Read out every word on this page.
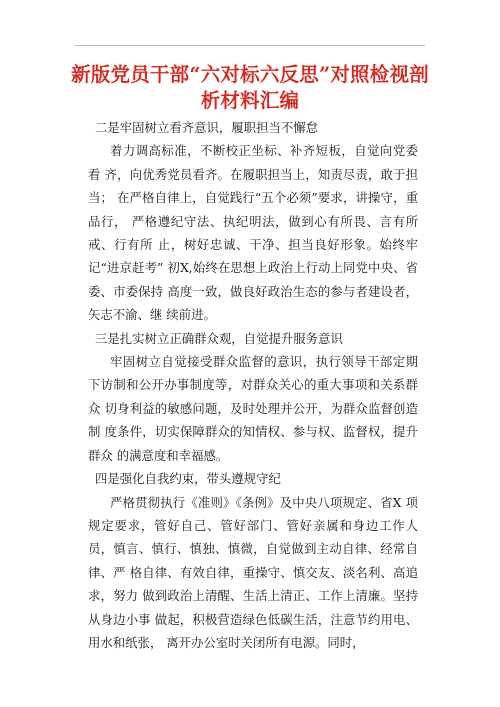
新版党员干部“六对标六反思”对照检视剖
析材料汇编

二是牢固树立看齐意识，履职担当不懈怠

着力调高标准，不断校正坐标、补齐短板，自觉向党委看 齐，向优秀党员看齐。在履职担当上，知责尽责，敢于担当； 在严格自律上，自觉践行“五个必须”要求，讲操守，重品行， 严格遵纪守法、执纪明法，做到心有所畏、言有所戒、行有所 止，树好忠诚、干净、担当良好形象。始终牢记“进京赶考” 初X,始终在思想上政治上行动上同党中央、省委、市委保持 高度一致，做良好政治生态的参与者建设者，矢志不渝、继 续前进。

三是扎实树立正确群众观，自觉提升服务意识

牢固树立自觉接受群众监督的意识，执行领导干部定期 下访制和公开办事制度等，对群众关心的重大事项和关系群众 切身利益的敏感问题，及时处理并公开，为群众监督创造制 度条件，切实保障群众的知情权、参与权、监督权，提升群众 的满意度和幸福感。

四是强化自我约束，带头遵规守纪

严格贯彻执行《准则》《条例》及中央八项规定、省X 项规定要求，管好自己、管好部门、管好亲属和身边工作人员，慎言、慎行、慎独、慎微，自觉做到主动自律、经常自律、严 格自律、有效自律，重操守、慎交友、淡名利、高追求，努力 做到政治上清醒、生活上清正、工作上清廉。坚持从身边小事 做起，积极营造绿色低碳生活，注意节约用电、用水和纸张， 离开办公室时关闭所有电源。同时，
